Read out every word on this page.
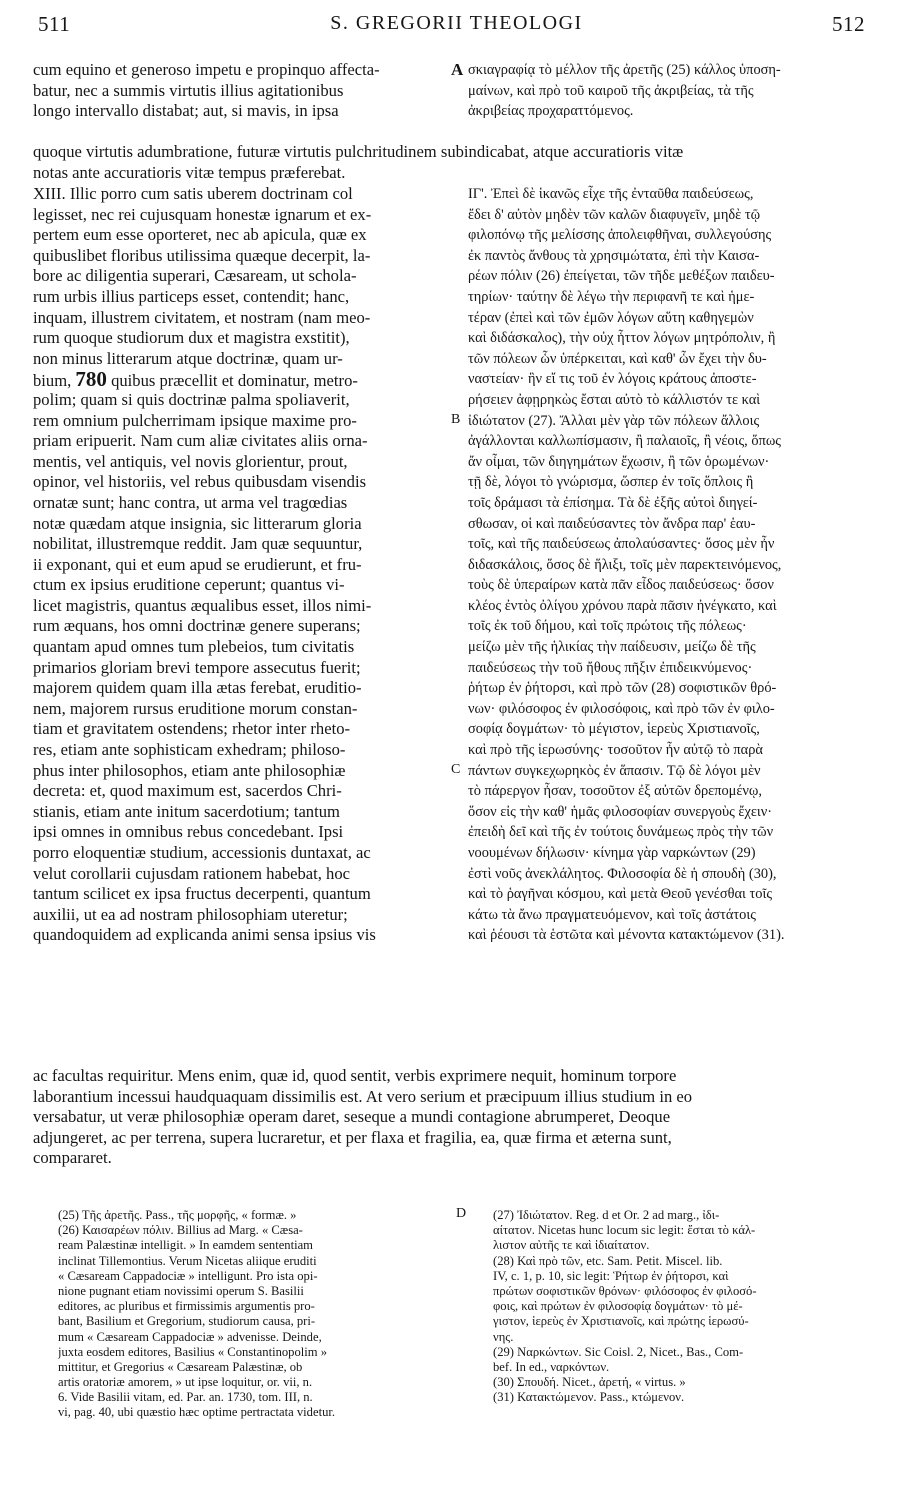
511	S. GREGORII THEOLOGI	512
cum equino et generoso impetu e propinquo affecta-
batur, nec a summis virtutis illius agitationibus
longo intervallo distabat; aut, si mavis, in ipsa
σκιαγραφίᾳ τὸ μέλλον τῆς ἀρετῆς (25) κάλλος ὑποση-
μαίνων, καὶ πρὸ τοῦ καιροῦ τῆς ἀκριβείας, τὰ τῆς
ἀκριβείας προχαραττόμενος.
A
quoque virtutis adumbratione, futuræ virtutis pulchritudinem subindicabat, atque accuratioris vitæ
notas ante accuratioris vitæ tempus præferebat.
XIII. Illic porro cum satis uberem doctrinam col
legisset, nec rei cujusquam honestæ ignarum et ex-
pertem eum esse oporteret, nec ab apicula, quæ ex
quibuslibet floribus utilissima quæque decerpit, la-
bore ac diligentia superari, Cæsaream, ut schola-
rum urbis illius particeps esset, contendit; hanc,
inquam, illustrem civitatem, et nostram (nam meo-
rum quoque studiorum dux et magistra exstitit),
non minus litterarum atque doctrinæ, quam ur-
bium, 780 quibus præcellit et dominatur, metro-
polim; quam si quis doctrinæ palma spoliaverit,
rem omnium pulcherrimam ipsique maxime pro-
priam eripuerit. Nam cum aliæ civitates aliis orna-
mentis, vel antiquis, vel novis glorientur, prout,
opinor, vel historiis, vel rebus quibusdam visendis
ornatæ sunt; hanc contra, ut arma vel tragœdias
notæ quædam atque insignia, sic litterarum gloria
nobilitat, illustremque reddit. Jam quæ sequuntur,
ii exponant, qui et eum apud se erudierunt, et fru-
ctum ex ipsius eruditione ceperunt; quantus vi-
licet magistris, quantus æqualibus esset, illos nimi-
rum æquans, hos omni doctrinæ genere superans;
quantam apud omnes tum plebeios, tum civitatis
primarios gloriam brevi tempore assecutus fuerit;
majorem quidem quam illa ætas ferebat, eruditio-
nem, majorem rursus eruditione morum constan-
tiam et gravitatem ostendens; rhetor inter rheto-
res, etiam ante sophisticam exhedram; philoso-
phus inter philosophos, etiam ante philosophiæ
decreta: et, quod maximum est, sacerdos Chri-
stianis, etiam ante initum sacerdotium; tantum
ipsi omnes in omnibus rebus concedebant. Ipsi
porro eloquentiæ studium, accessionis duntaxat, ac
velut corollarii cujusdam rationem habebat, hoc
tantum scilicet ex ipsa fructus decerpenti, quantum
auxilii, ut ea ad nostram philosophiam uteretur;
quandoquidem ad explicanda animi sensa ipsius vis
ΙΓ'. Ἐπεὶ δὲ ἱκανῶς εἶχε τῆς ἐνταῦθα παιδεύσεως,
ἔδει δ' αὐτὸν μηδὲν τῶν καλῶν διαφυγεῖν, μηδὲ τῷ
φιλοπόνῳ τῆς μελίσσης ἀπολειφθῆναι, συλλεγούσης
ἐκ παντὸς ἄνθους τὰ χρησιμώτατα, ἐπὶ τὴν Καισα-
ρέων πόλιν (26) ἐπείγεται, τῶν τῆδε μεθέξων παιδευ-
τηρίων· ταύτην δὲ λέγω τὴν περιφανῆ τε καὶ ἡμε-
τέραν (ἐπεὶ καὶ τῶν ἐμῶν λόγων αὕτη καθηγεμὼν
καὶ διδάσκαλος), τὴν οὐχ ἧττον λόγων μητρόπολιν, ἢ
τῶν πόλεων ὧν ὑπέρκειται, καὶ καθ' ὧν ἔχει τὴν δυ-
ναστείαν· ἣν εἴ τις τοῦ ἐν λόγοις κράτους ἀποστε-
ρήσειεν ἀφῃρηκὼς ἔσται αὐτὸ τὸ κάλλιστόν τε καὶ
ἰδιώτατον (27). Ἄλλαι μὲν γὰρ τῶν πόλεων ἄλλοις
ἀγάλλονται καλλωπίσμασιν, ἢ παλαιοῖς, ἢ νέοις, ὅπως
ἄν οἶμαι, τῶν διηγημάτων ἔχωσιν, ἢ τῶν ὁρωμένων·
τῇ δὲ, λόγοι τὸ γνώρισμα, ὥσπερ ἐν τοῖς ὅπλοις ἢ
τοῖς δράμασι τὰ ἐπίσημα. Τὰ δὲ ἐξῆς αὐτοὶ διηγεί-
σθωσαν, οἱ καὶ παιδεύσαντες τὸν ἄνδρα παρ' ἑαυ-
τοῖς, καὶ τῆς παιδεύσεως ἀπολαύσαντες· ὅσος μὲν ἦν
διδασκάλοις, ὅσος δὲ ἥλιξι, τοῖς μὲν παρεκτεινόμενος,
τοὺς δὲ ὑπεραίρων κατὰ πᾶν εἶδος παιδεύσεως· ὅσον
κλέος ἐντὸς ὀλίγου χρόνου παρὰ πᾶσιν ἠνέγκατο, καὶ
τοῖς ἐκ τοῦ δήμου, καὶ τοῖς πρώτοις τῆς πόλεως·
μείζω μὲν τῆς ἡλικίας τὴν παίδευσιν, μείζω δὲ τῆς
παιδεύσεως τὴν τοῦ ἤθους πῆξιν ἐπιδεικνύμενος·
ῥήτωρ ἐν ῥήτορσι, καὶ πρὸ τῶν (28) σοφιστικῶν θρό-
νων· φιλόσοφος ἐν φιλοσόφοις, καὶ πρὸ τῶν ἐν φιλο-
σοφίᾳ δογμάτων· τὸ μέγιστον, ἱερεὺς Χριστιανοῖς,
καὶ πρὸ τῆς ἱερωσύνης· τοσοῦτον ἦν αὐτῷ τὸ παρὰ
πάντων συγκεχωρηκὸς ἐν ἅπασιν. Τῷ δὲ λόγοι μὲν
τὸ πάρεργον ἦσαν, τοσοῦτον ἐξ αὐτῶν δρεπομένῳ,
ὅσον εἰς τὴν καθ' ἡμᾶς φιλοσοφίαν συνεργοὺς ἔχειν·
ἐπειδὴ δεῖ καὶ τῆς ἐν τούτοις δυνάμεως πρὸς τὴν τῶν
νοουμένων δήλωσιν· κίνημα γὰρ ναρκώντων (29)
ἐστὶ νοῦς ἀνεκλάλητος. Φιλοσοφία δὲ ἡ σπουδὴ (30),
καὶ τὸ ῥαγῆναι κόσμου, καὶ μετὰ Θεοῦ γενέσθαι τοῖς
κάτω τὰ ἄνω πραγματευόμενον, καὶ τοῖς ἀστάτοις
καὶ ῥέουσι τὰ ἑστῶτα καὶ μένοντα κατακτώμενον (31).
B
C
ac facultas requiritur. Mens enim, quæ id, quod sentit, verbis exprimere nequit, hominum torpore
laborantium incessui haudquaquam dissimilis est. At vero serium et præcipuum illius studium in eo
versabatur, ut veræ philosophiæ operam daret, seseque a mundi contagione abrumperet, Deoque
adjungeret, ac per terrena, supera lucraretur, et per flaxa et fragilia, ea, quæ firma et æterna sunt,
compararet.
(25) Τῆς ἀρετῆς. Pass., τῆς μορφῆς, « formæ. »
(26) Καισαρέων πόλιν. Billius ad Marg. « Cæsa-
ream Palæstinæ intelligit. » In eamdem sententiam
inclinat Tillemontius. Verum Nicetas aliique eruditi
« Cæsaream Cappadociæ » intelligunt. Pro ista opi-
nione pugnant etiam novissimi operum S. Basilii
editores, ac pluribus et firmissimis argumentis pro-
bant, Basilium et Gregorium, studiorum causa, pri-
mum « Cæsaream Cappadociæ » advenisse. Deinde,
juxta eosdem editores, Basilius « Constantinopolim »
mittitur, et Gregorius « Cæsaream Palæstinæ, ob
artis oratoriæ amorem, » ut ipse loquitur, or. vii, n.
6. Vide Basilii vitam, ed. Par. an. 1730, tom. III, n.
vi, pag. 40, ubi quæstio hæc optime pertractata videtur.
D (27) Ἰδιώτατον. Reg. d et Or. 2 ad marg., ἰδι-
αίτατον. Nicetas hunc locum sic legit: ἔσται τὸ κάλ-
λιστον αὐτῆς τε καὶ ἰδιαίτατον.
(28) Καὶ πρὸ τῶν, etc. Sam. Petit. Miscel. lib.
IV, c. 1, p. 10, sic legit: Ῥήτωρ ἐν ῥήτορσι, καὶ
πρώτων σοφιστικῶν θρόνων· φιλόσοφος ἐν φιλοσό-
φοις, καὶ πρώτων ἐν φιλοσοφίᾳ δογμάτων· τὸ μέ-
γιστον, ἱερεὺς ἐν Χριστιανοῖς, καὶ πρώτης ἱερωσύ-
νης.
(29) Ναρκώντων. Sic Coisl. 2, Nicet., Bas., Com-
bef. In ed., ναρκόντων.
(30) Σπουδή. Nicet., ἀρετή, « virtus. »
(31) Κατακτώμενον. Pass., κτώμενον.
